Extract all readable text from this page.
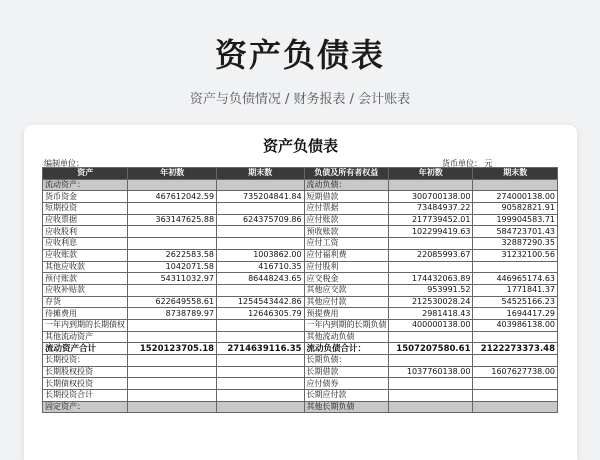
资产负债表
资产与负债情况 / 财务报表 / 会计账表
资产负债表
编制单位：	货币单位： 元
资产	年初数	期末数	负债及所有者权益	年初数	期末数
流动资产：			流动负债：		
货币资金	467612042.59	735204841.84	短期借款	300700138.00	274000138.00
短期投资			应付票据	73484937.22	90582821.91
应收票据	363147625.88	624375709.86	应付账款	217739452.01	199904583.71
应收股利			预收账款	102299419.63	584723701.43
应收利息			应付工资		32887290.35
应收账款	2622583.58	1003862.00	应付福利费	22085993.67	31232100.56
其他应收款	1042071.58	416710.35	应付股利		
预付账款	54311032.97	86448243.65	应交税金	174432063.89	446965174.63
应收补贴款			其他应交款	953991.52	1771841.37
存货	622649558.61	1254543442.86	其他应付款	212530028.24	54525166.23
待摊费用	8738789.97	12646305.79	预提费用	2981418.43	1694417.29
一年内到期的长期债权			一年内到期的长期负债	400000138.00	403986138.00
其他流动资产			其他流动负债		
流动资产合计	1520123705.18	2714639116.35	流动负债合计：	1507207580.61	2122273373.48
长期投资：			长期负债：		
长期股权投资			长期借款	1037760138.00	1607627738.00
长期债权投资			应付债券		
长期投资合计			长期应付款		
固定资产：			其他长期负债		
